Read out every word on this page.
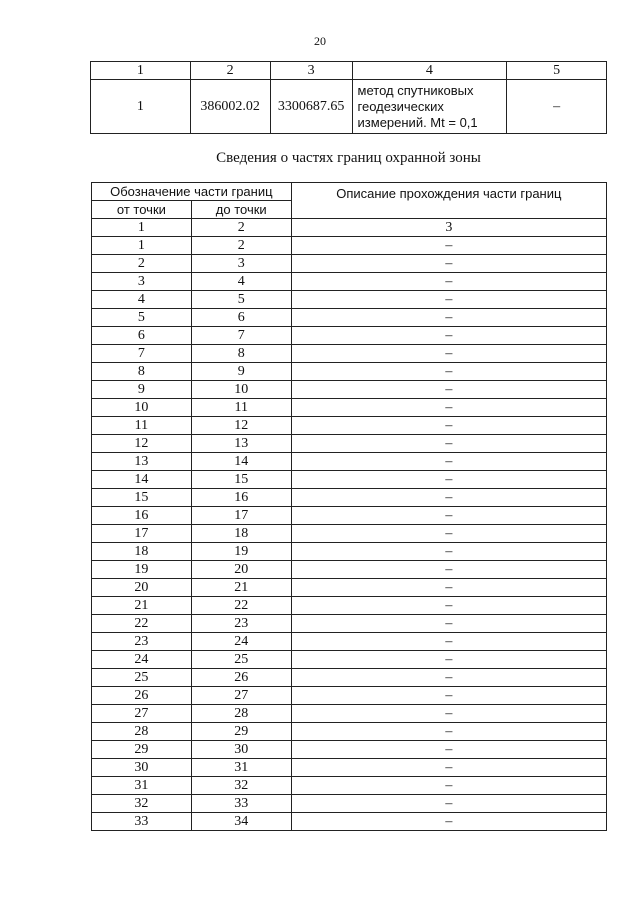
20
1	2	3	4	5
1	386002.02	3300687.65	метод спутниковых
геодезических
измерений. Mt = 0,1	–
Сведения о частях границ охранной зоны
Обозначение части границ		Описание прохождения части границ
от точки	до точки	
1	2	3
1	2	–
2	3	–
3	4	–
4	5	–
5	6	–
6	7	–
7	8	–
8	9	–
9	10	–
10	11	–
11	12	–
12	13	–
13	14	–
14	15	–
15	16	–
16	17	–
17	18	–
18	19	–
19	20	–
20	21	–
21	22	–
22	23	–
23	24	–
24	25	–
25	26	–
26	27	–
27	28	–
28	29	–
29	30	–
30	31	–
31	32	–
32	33	–
33	34	–
